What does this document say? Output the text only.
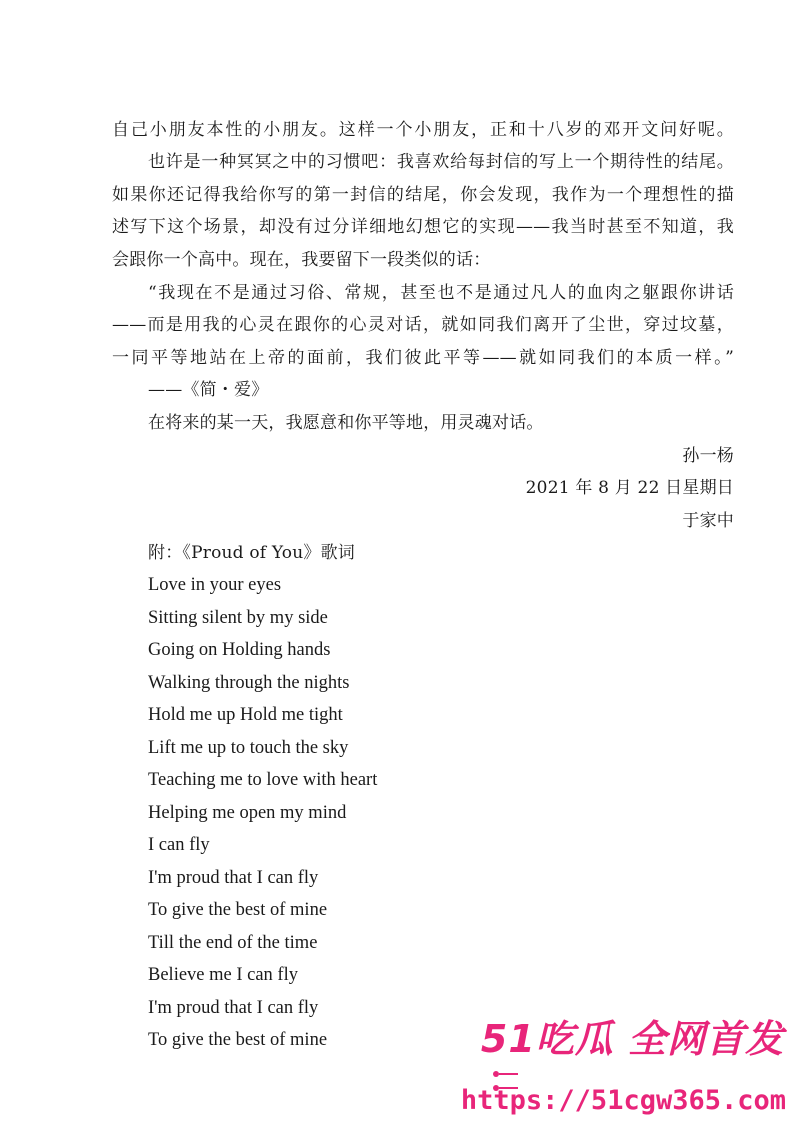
自己小朋友本性的小朋友。这样一个小朋友，正和十八岁的邓开文问好呢。
也许是一种冥冥之中的习惯吧：我喜欢给每封信的写上一个期待性的结尾。
如果你还记得我给你写的第一封信的结尾，你会发现，我作为一个理想性的描
述写下这个场景，却没有过分详细地幻想它的实现——我当时甚至不知道，我
会跟你一个高中。现在，我要留下一段类似的话：
“我现在不是通过习俗、常规，甚至也不是通过凡人的血肉之躯跟你讲话
——而是用我的心灵在跟你的心灵对话，就如同我们离开了尘世，穿过坟墓，
一同平等地站在上帝的面前，我们彼此平等——就如同我们的本质一样。”
——《简・爱》
在将来的某一天，我愿意和你平等地，用灵魂对话。
孙一杨
2021 年 8 月 22 日星期日
于家中
附：《Proud of You》歌词
Love in your eyes
Sitting silent by my side
Going on Holding hands
Walking through the nights
Hold me up Hold me tight
Lift me up to touch the sky
Teaching me to love with heart
Helping me open my mind
I can fly
I'm proud that I can fly
To give the best of mine
Till the end of the time
Believe me I can fly
I'm proud that I can fly
To give the best of mine	51吃瓜 全网首发
https://51cgw365.com
